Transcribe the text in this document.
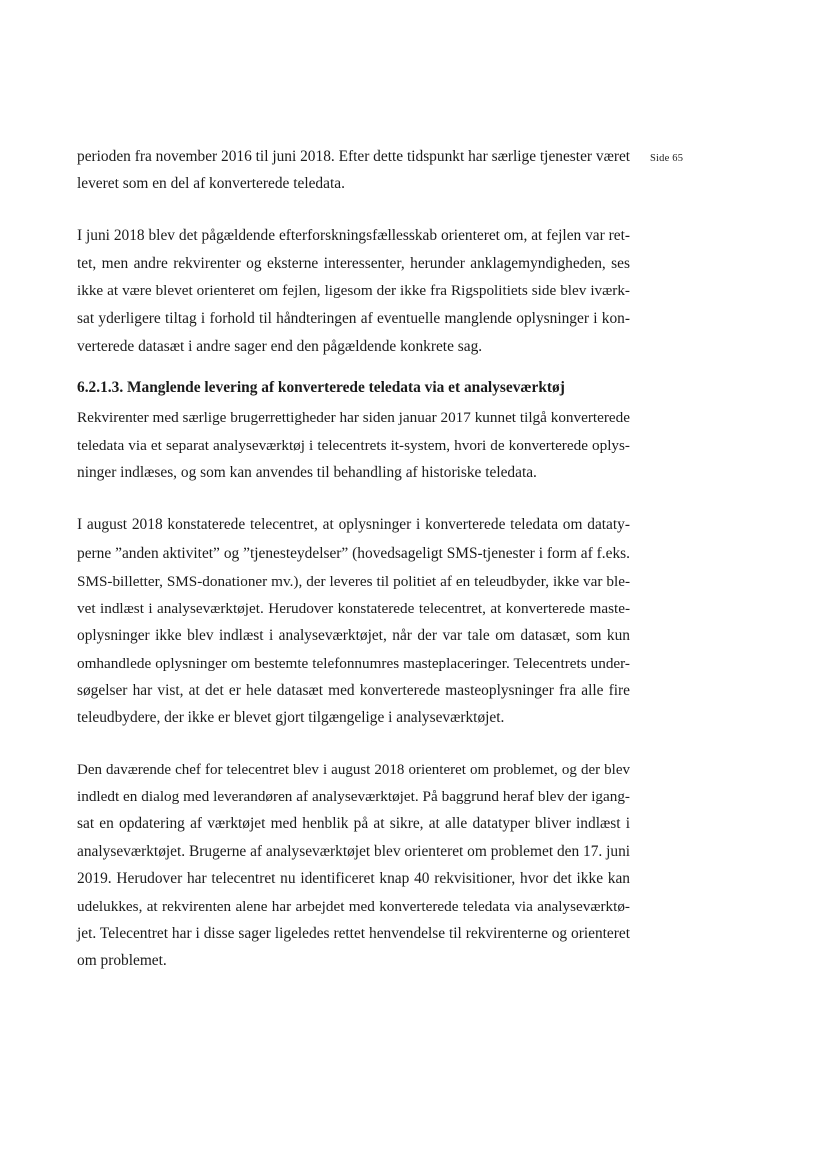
Side 65
perioden fra november 2016 til juni 2018. Efter dette tidspunkt har særlige tjenester været
leveret som en del af konverterede teledata.
I juni 2018 blev det pågældende efterforskningsfællesskab orienteret om, at fejlen var ret-
tet, men andre rekvirenter og eksterne interessenter, herunder anklagemyndigheden, ses
ikke at være blevet orienteret om fejlen, ligesom der ikke fra Rigspolitiets side blev iværk-
sat yderligere tiltag i forhold til håndteringen af eventuelle manglende oplysninger i kon-
verterede datasæt i andre sager end den pågældende konkrete sag.
6.2.1.3. Manglende levering af konverterede teledata via et analyseværktøj
Rekvirenter med særlige brugerrettigheder har siden januar 2017 kunnet tilgå konverterede
teledata via et separat analyseværktøj i telecentrets it-system, hvori de konverterede oplys-
ninger indlæses, og som kan anvendes til behandling af historiske teledata.
I august 2018 konstaterede telecentret, at oplysninger i konverterede teledata om dataty-
perne ”anden aktivitet” og ”tjenesteydelser” (hovedsageligt SMS-tjenester i form af f.eks.
SMS-billetter, SMS-donationer mv.), der leveres til politiet af en teleudbyder, ikke var ble-
vet indlæst i analyseværktøjet. Herudover konstaterede telecentret, at konverterede maste-
oplysninger ikke blev indlæst i analyseværktøjet, når der var tale om datasæt, som kun
omhandlede oplysninger om bestemte telefonnumres masteplaceringer. Telecentrets under-
søgelser har vist, at det er hele datasæt med konverterede masteoplysninger fra alle fire
teleudbydere, der ikke er blevet gjort tilgængelige i analyseværktøjet.
Den daværende chef for telecentret blev i august 2018 orienteret om problemet, og der blev
indledt en dialog med leverandøren af analyseværktøjet. På baggrund heraf blev der igang-
sat en opdatering af værktøjet med henblik på at sikre, at alle datatyper bliver indlæst i
analyseværktøjet. Brugerne af analyseværktøjet blev orienteret om problemet den 17. juni
2019. Herudover har telecentret nu identificeret knap 40 rekvisitioner, hvor det ikke kan
udelukkes, at rekvirenten alene har arbejdet med konverterede teledata via analyseværktø-
jet. Telecentret har i disse sager ligeledes rettet henvendelse til rekvirenterne og orienteret
om problemet.
